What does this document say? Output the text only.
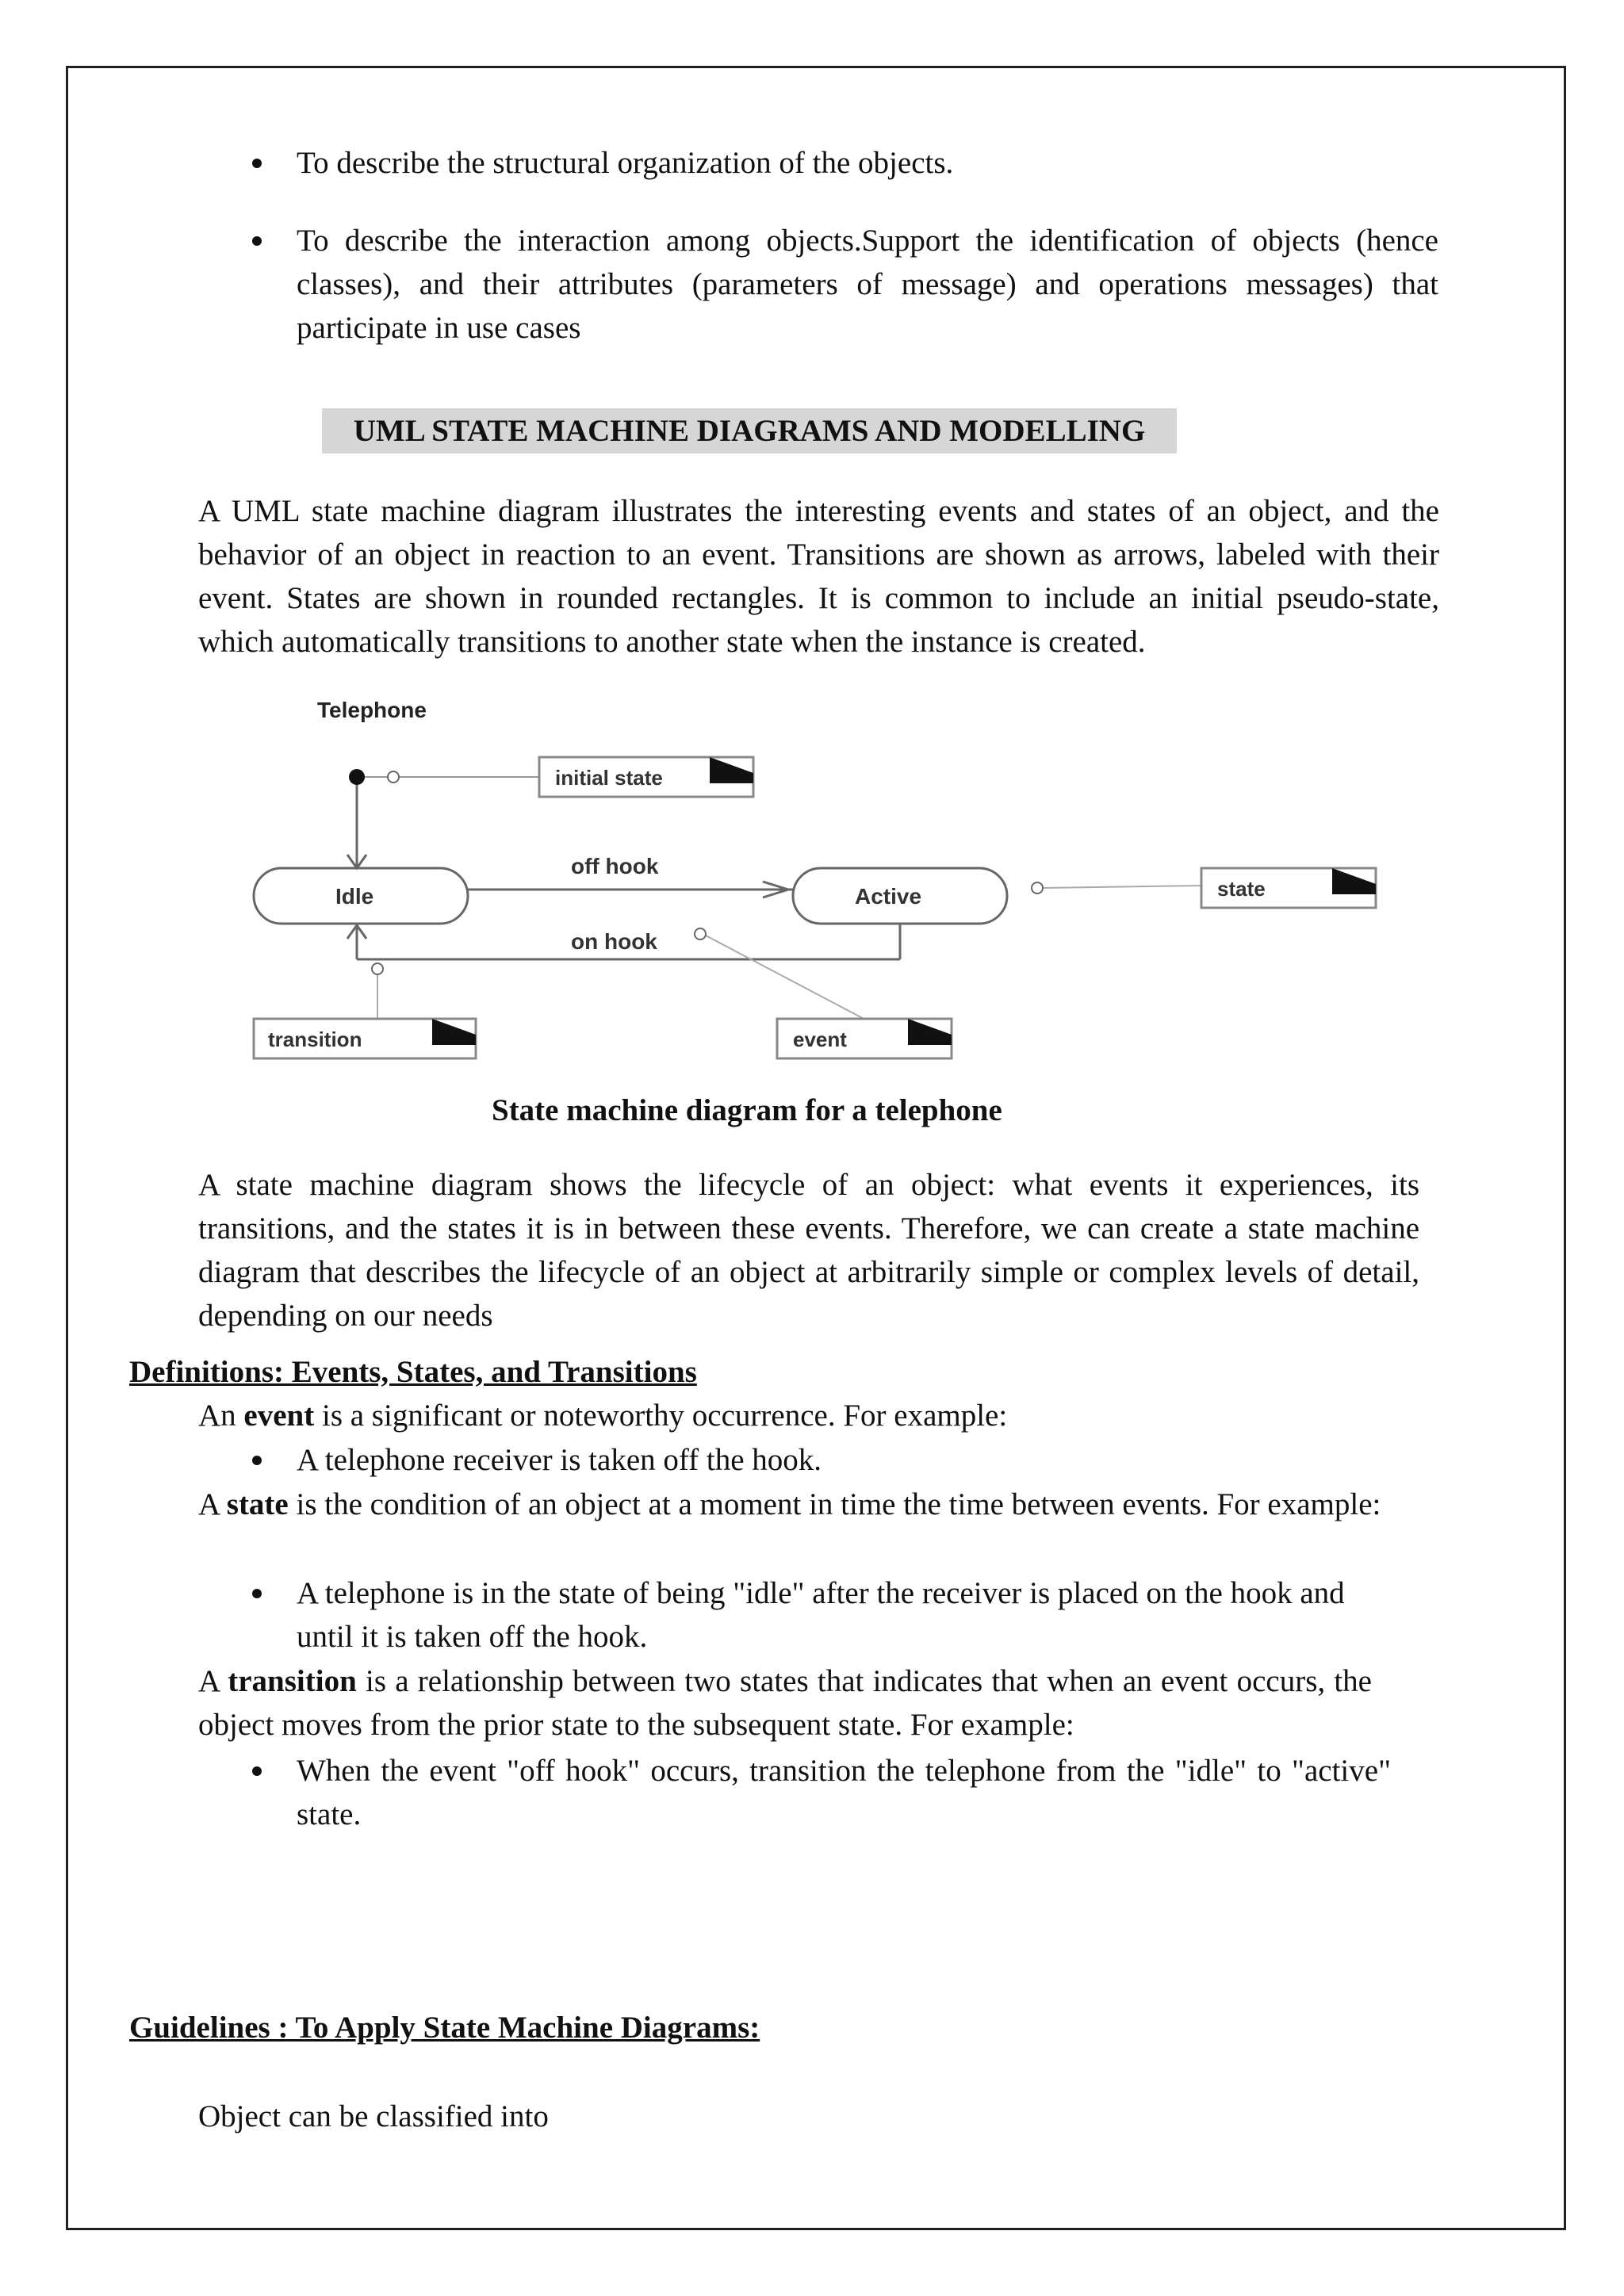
To describe the structural organization of the objects.
To describe the interaction among objects.Support the identification of objects (hence classes), and their attributes (parameters of message) and operations messages) that participate in use cases
UML STATE MACHINE DIAGRAMS AND MODELLING
A UML state machine diagram illustrates the interesting events and states of an object, and the behavior of an object in reaction to an event. Transitions are shown as arrows, labeled with their event. States are shown in rounded rectangles. It is common to include an initial pseudo-state, which automatically transitions to another state when the instance is created.
Telephone
initial state
Idle	Active
off hook
on hook
state
transition	event
State machine diagram for a telephone
A state machine diagram shows the lifecycle of an object: what events it experiences, its transitions, and the states it is in between these events. Therefore, we can create a state machine diagram that describes the lifecycle of an object at arbitrarily simple or complex levels of detail, depending on our needs
Definitions: Events, States, and Transitions
An event is a significant or noteworthy occurrence. For example:
A telephone receiver is taken off the hook.
A state is the condition of an object at a moment in time the time between events. For example:
A telephone is in the state of being "idle" after the receiver is placed on the hook and until it is taken off the hook.
A transition is a relationship between two states that indicates that when an event occurs, the object moves from the prior state to the subsequent state. For example:
When the event "off hook" occurs, transition the telephone from the "idle" to "active" state.
Guidelines : To Apply State Machine Diagrams:
Object can be classified into
